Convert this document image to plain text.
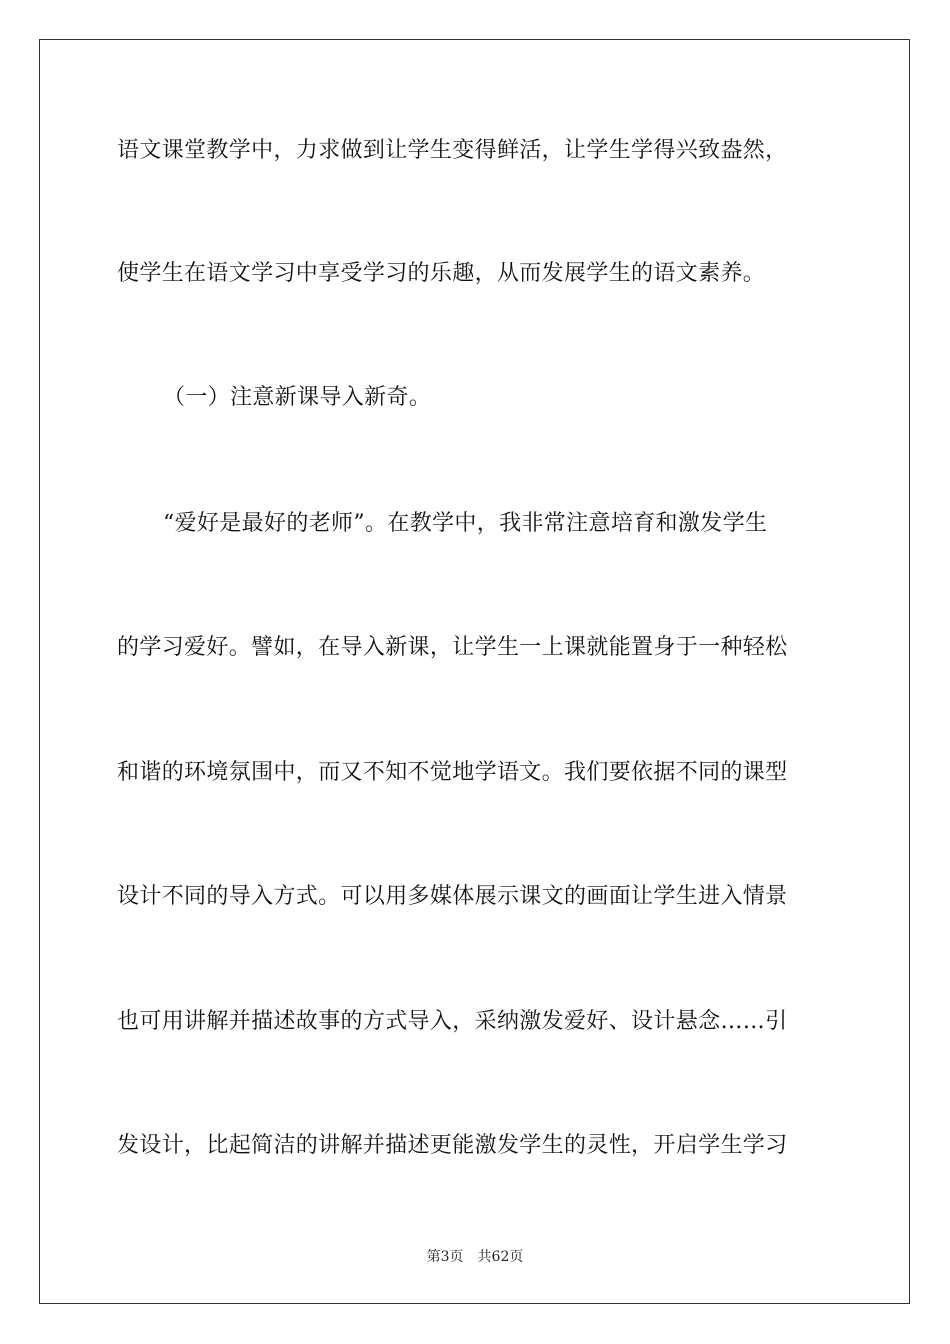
语文课堂教学中，力求做到让学生变得鲜活，让学生学得兴致盎然，
使学生在语文学习中享受学习的乐趣，从而发展学生的语文素养。
（一）注意新课导入新奇。
“爱好是最好的老师”。在教学中，我非常注意培育和激发学生
的学习爱好。譬如，在导入新课，让学生一上课就能置身于一种轻松
和谐的环境氛围中，而又不知不觉地学语文。我们要依据不同的课型
设计不同的导入方式。可以用多媒体展示课文的画面让学生进入情景
也可用讲解并描述故事的方式导入，采纳激发爱好、设计悬念……引
发设计，比起简洁的讲解并描述更能激发学生的灵性，开启学生学习
第3页　共62页
